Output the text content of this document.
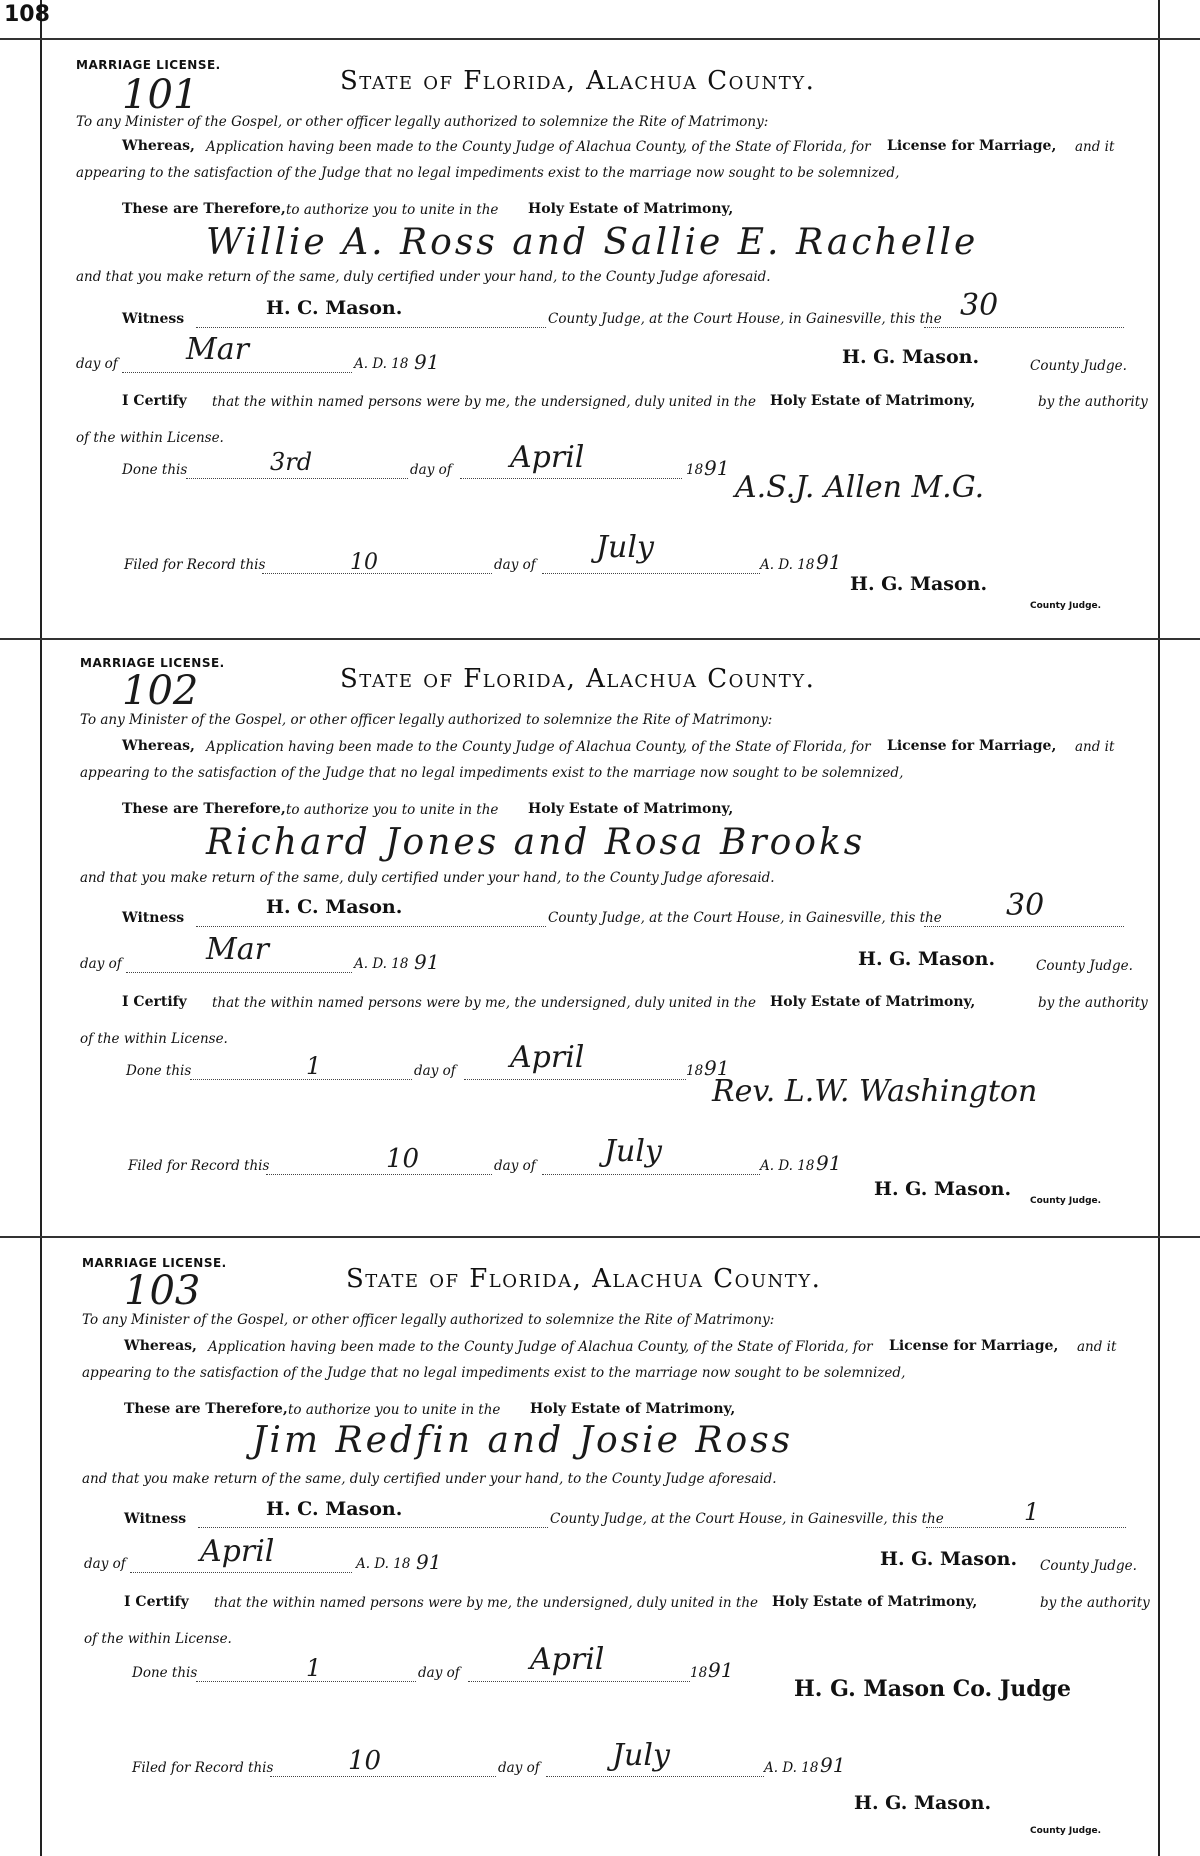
108
MARRIAGE LICENSE.
101	State of Florida, Alachua County.
To any Minister of the Gospel, or other officer legally authorized to solemnize the Rite of Matrimony:
Whereas, Application having been made to the County Judge of Alachua County, of the State of Florida, for License for Marriage, and it
appearing to the satisfaction of the Judge that no legal impediments exist to the marriage now sought to be solemnized,
These are Therefore, to authorize you to unite in the Holy Estate of Matrimony,
Willie A. Ross and Sallie E. Rachelle
and that you make return of the same, duly certified under your hand, to the County Judge aforesaid.
Witness	H. C. Mason.	County Judge, at the Court House, in Gainesville, this the 30
day of Mar	A. D. 18 91	H. G. Mason.	County Judge.
I Certify that the within named persons were by me, the undersigned, duly united in the Holy Estate of Matrimony,	by the authority
of the within License.
Done this	3rd	day of April	18 91
A.S.J. Allen M.G.
Filed for Record this	10	day of July	A. D. 18 91
H. G. Mason.
County Judge.
MARRIAGE LICENSE.
102	State of Florida, Alachua County.
To any Minister of the Gospel, or other officer legally authorized to solemnize the Rite of Matrimony:
Whereas, Application having been made to the County Judge of Alachua County, of the State of Florida, for License for Marriage, and it
appearing to the satisfaction of the Judge that no legal impediments exist to the marriage now sought to be solemnized,
These are Therefore, to authorize you to unite in the Holy Estate of Matrimony,
Richard Jones and Rosa Brooks
and that you make return of the same, duly certified under your hand, to the County Judge aforesaid.
Witness	H. C. Mason.	County Judge, at the Court House, in Gainesville, this the 30
day of	Mar	A. D. 18 91	H. G. Mason.	County Judge.
I Certify that the within named persons were by me, the undersigned, duly united in the Holy Estate of Matrimony,	by the authority
of the within License.
Done this	1	day of April	18 91
Rev. L.W. Washington
Filed for Record this	10	day of July	A. D. 18 91
H. G. Mason.
County Judge.
MARRIAGE LICENSE.
103	State of Florida, Alachua County.
To any Minister of the Gospel, or other officer legally authorized to solemnize the Rite of Matrimony:
Whereas, Application having been made to the County Judge of Alachua County, of the State of Florida, for License for Marriage, and it
appearing to the satisfaction of the Judge that no legal impediments exist to the marriage now sought to be solemnized,
These are Therefore, to authorize you to unite in the Holy Estate of Matrimony,
Jim Redfin and Josie Ross
and that you make return of the same, duly certified under your hand, to the County Judge aforesaid.
Witness	H. C. Mason.	County Judge, at the Court House, in Gainesville, this the	1
day of April	A. D. 18 91	H. G. Mason. County Judge.
I Certify that the within named persons were by me, the undersigned, duly united in the Holy Estate of Matrimony,	by the authority
of the within License.
Done this	1	day of April	18 91
H. G. Mason Co. Judge
Filed for Record this	10	day of July	A. D. 18 91
H. G. Mason.
County Judge.
